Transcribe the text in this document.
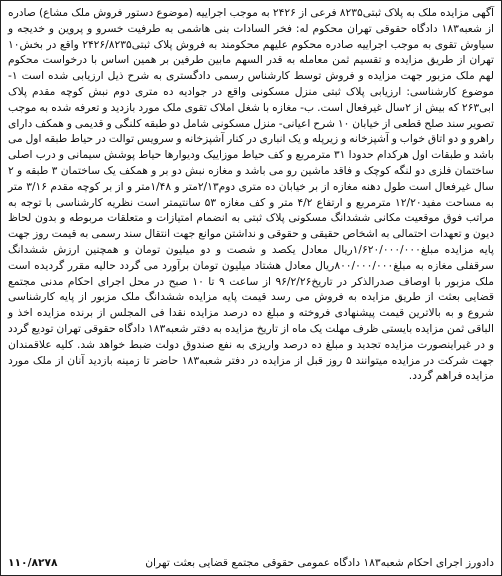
آگهی مزایده ملک به پلاک ثبتی۸۲۳۵ فرعی از ۲۴۲۶ به موجب اجراییه (موضوع دستور فروش ملک مشاع) صادره از شعبه۱۸۳ دادگاه حقوقی تهران محکوم له: فخر السادات بنی هاشمی به طرفیت خسرو و پروین و خدیجه و سیاوش تقوی به موجب اجراییه صادره محکوم علیهم محکومند به فروش پلاک ثبتی۲۴۲۶/۸۲۳۵ واقع در بخش۱۰ تهران از طریق مزایده و تقسیم ثمن معامله به قدر السهم مابین طرفین بر همین اساس با درخواست محکوم لهم ملک مزبور جهت مزایده و فروش توسط کارشناس رسمی دادگستری به شرح ذیل ارزیابی شده است ۱-موضوع کارشناسی: ارزیابی پلاک ثبتی منزل مسکونی واقع در جواديه ده متری دوم نبش کوچه مقدم پلاک ابی۲۶۳ که بیش از ۲سال غیرفعال است. ب- مغازه با شغل املاک تقوی ملک مورد بازدید و تعرفه شده به موجب تصویر سند صلح قطعی از خیابان ۱۰ شرح اعیانی- منزل مسکونی شامل دو طبقه کلنگی و قدیمی و همکف دارای راهرو و دو اتاق خواب و آشپزخانه و زیرپله و یک انباری در کنار آشپزخانه و سرویس توالت در حیاط طبقه اول می باشد و طبقات اول هرکدام حدودا ۳۱ مترمربع و کف حیاط موزاییک ودیوارها حیاط پوشش سیمانی و درب اصلی ساختمان فلزی دو لنگه کوچک و فاقد ماشین رو می باشد و مغازه نبش دو بر و همکف یک ساختمان ۳ طبقه و ۲ سال غیرفعال است طول دهنه مغازه از بر خیابان ده متری دوم۲/۱۳متر و ۱/۴۸متر و از بر کوچه مقدم ۳/۱۶ متر به مساحت مفید۱۲/۲۰ مترمربع و ارتفاع ۴/۲ متر و کف مغازه ۵۳ سانتیمتر است نظریه کارشناسی با توجه به مراتب فوق موقعیت مکانی ششدانگ مسکونی پلاک ثبتی به انضمام امتیازات و متعلقات مربوطه و بدون لحاظ دیون و تعهدات احتمالی به اشخاص حقیقی و حقوقی و نداشتن موانع جهت انتقال سند رسمی به قیمت روز جهت پایه مزایده مبلغ۱/۶۲۰/۰۰۰/۰۰۰ریال معادل یکصد و شصت و دو میلیون تومان و همچنین ارزش ششدانگ سرقفلی مغازه به مبلغ۸۰۰/۰۰۰/۰۰۰ریال معادل هشتاد میلیون تومان برآورد می گردد حالیه مقرر گردیده است ملک مزبور با اوصاف صدرالذکر در تاریخ۹۶/۲/۲۶ از ساعت ۹ تا ۱۰ صبح در محل اجرای احکام مدنی مجتمع قضایی بعثت از طریق مزایده به فروش می رسد قیمت پایه مزایده ششدانگ ملک مزبور از پایه کارشناسی شروع و به بالاترین قیمت پیشنهادی فروخته و مبلغ ده درصد مزایده نقدا فی المجلس از برنده مزایده اخذ و الباقی ثمن مزایده بایستی ظرف مهلت یک ماه از تاریخ مزایده به دفتر شعبه۱۸۳ دادگاه حقوقی تهران تودیع گردد و در غیراینصورت مزایده تجدید و مبلغ ده درصد واریزی به نفع صندوق دولت ضبط خواهد شد. کلیه علاقمندان جهت شرکت در مزایده میتوانند ۵ روز قبل از مزایده در دفتر شعبه۱۸۳ حاضر تا زمینه بازدید آنان از ملک مورد مزایده فراهم گردد.

۱۱۰/۸۲۷۸	دادورز اجرای احکام شعبه۱۸۳ دادگاه عمومی حقوقی مجتمع قضایی بعثت تهران
